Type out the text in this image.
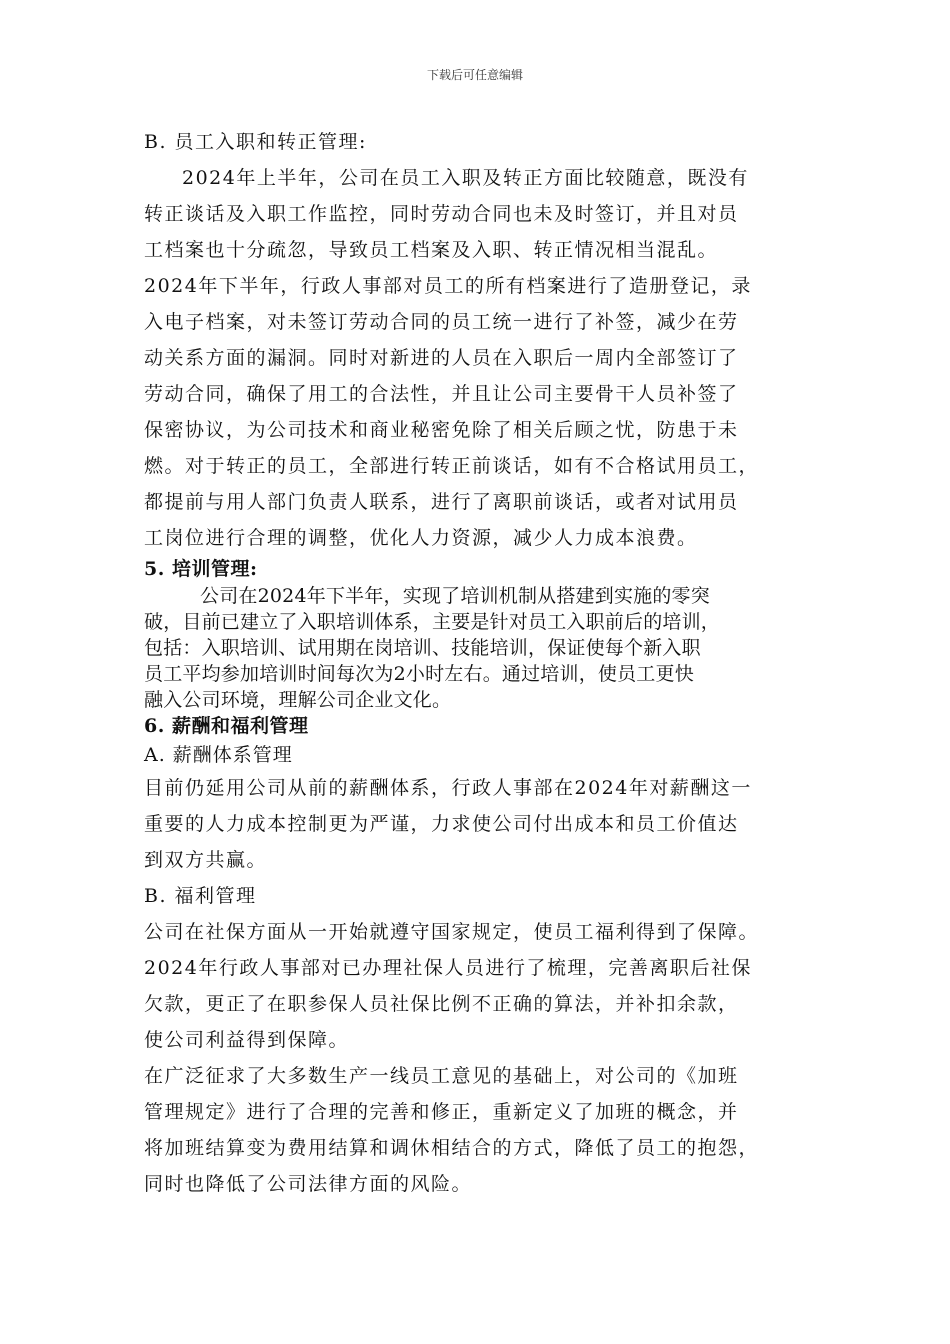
下载后可任意编辑
B. 员工入职和转正管理:
2024年上半年，公司在员工入职及转正方面比较随意，既没有
转正谈话及入职工作监控，同时劳动合同也未及时签订，并且对员
工档案也十分疏忽，导致员工档案及入职、转正情况相当混乱。
2024年下半年，行政人事部对员工的所有档案进行了造册登记，录
入电子档案，对未签订劳动合同的员工统一进行了补签，减少在劳
动关系方面的漏洞。同时对新进的人员在入职后一周内全部签订了
劳动合同，确保了用工的合法性，并且让公司主要骨干人员补签了
保密协议，为公司技术和商业秘密免除了相关后顾之忧，防患于未
燃。对于转正的员工，全部进行转正前谈话，如有不合格试用员工，
都提前与用人部门负责人联系，进行了离职前谈话，或者对试用员
工岗位进行合理的调整，优化人力资源，减少人力成本浪费。
5. 培训管理:
公司在2024年下半年，实现了培训机制从搭建到实施的零突
破，目前已建立了入职培训体系，主要是针对员工入职前后的培训，
包括：入职培训、试用期在岗培训、技能培训，保证使每个新入职
员工平均参加培训时间每次为2小时左右。通过培训，使员工更快
融入公司环境，理解公司企业文化。
6. 薪酬和福利管理
A. 薪酬体系管理
目前仍延用公司从前的薪酬体系，行政人事部在2024年对薪酬这一
重要的人力成本控制更为严谨，力求使公司付出成本和员工价值达
到双方共赢。
B. 福利管理
公司在社保方面从一开始就遵守国家规定，使员工福利得到了保障。
2024年行政人事部对已办理社保人员进行了梳理，完善离职后社保
欠款，更正了在职参保人员社保比例不正确的算法，并补扣余款，
使公司利益得到保障。
在广泛征求了大多数生产一线员工意见的基础上，对公司的《加班
管理规定》进行了合理的完善和修正，重新定义了加班的概念，并
将加班结算变为费用结算和调休相结合的方式，降低了员工的抱怨，
同时也降低了公司法律方面的风险。
